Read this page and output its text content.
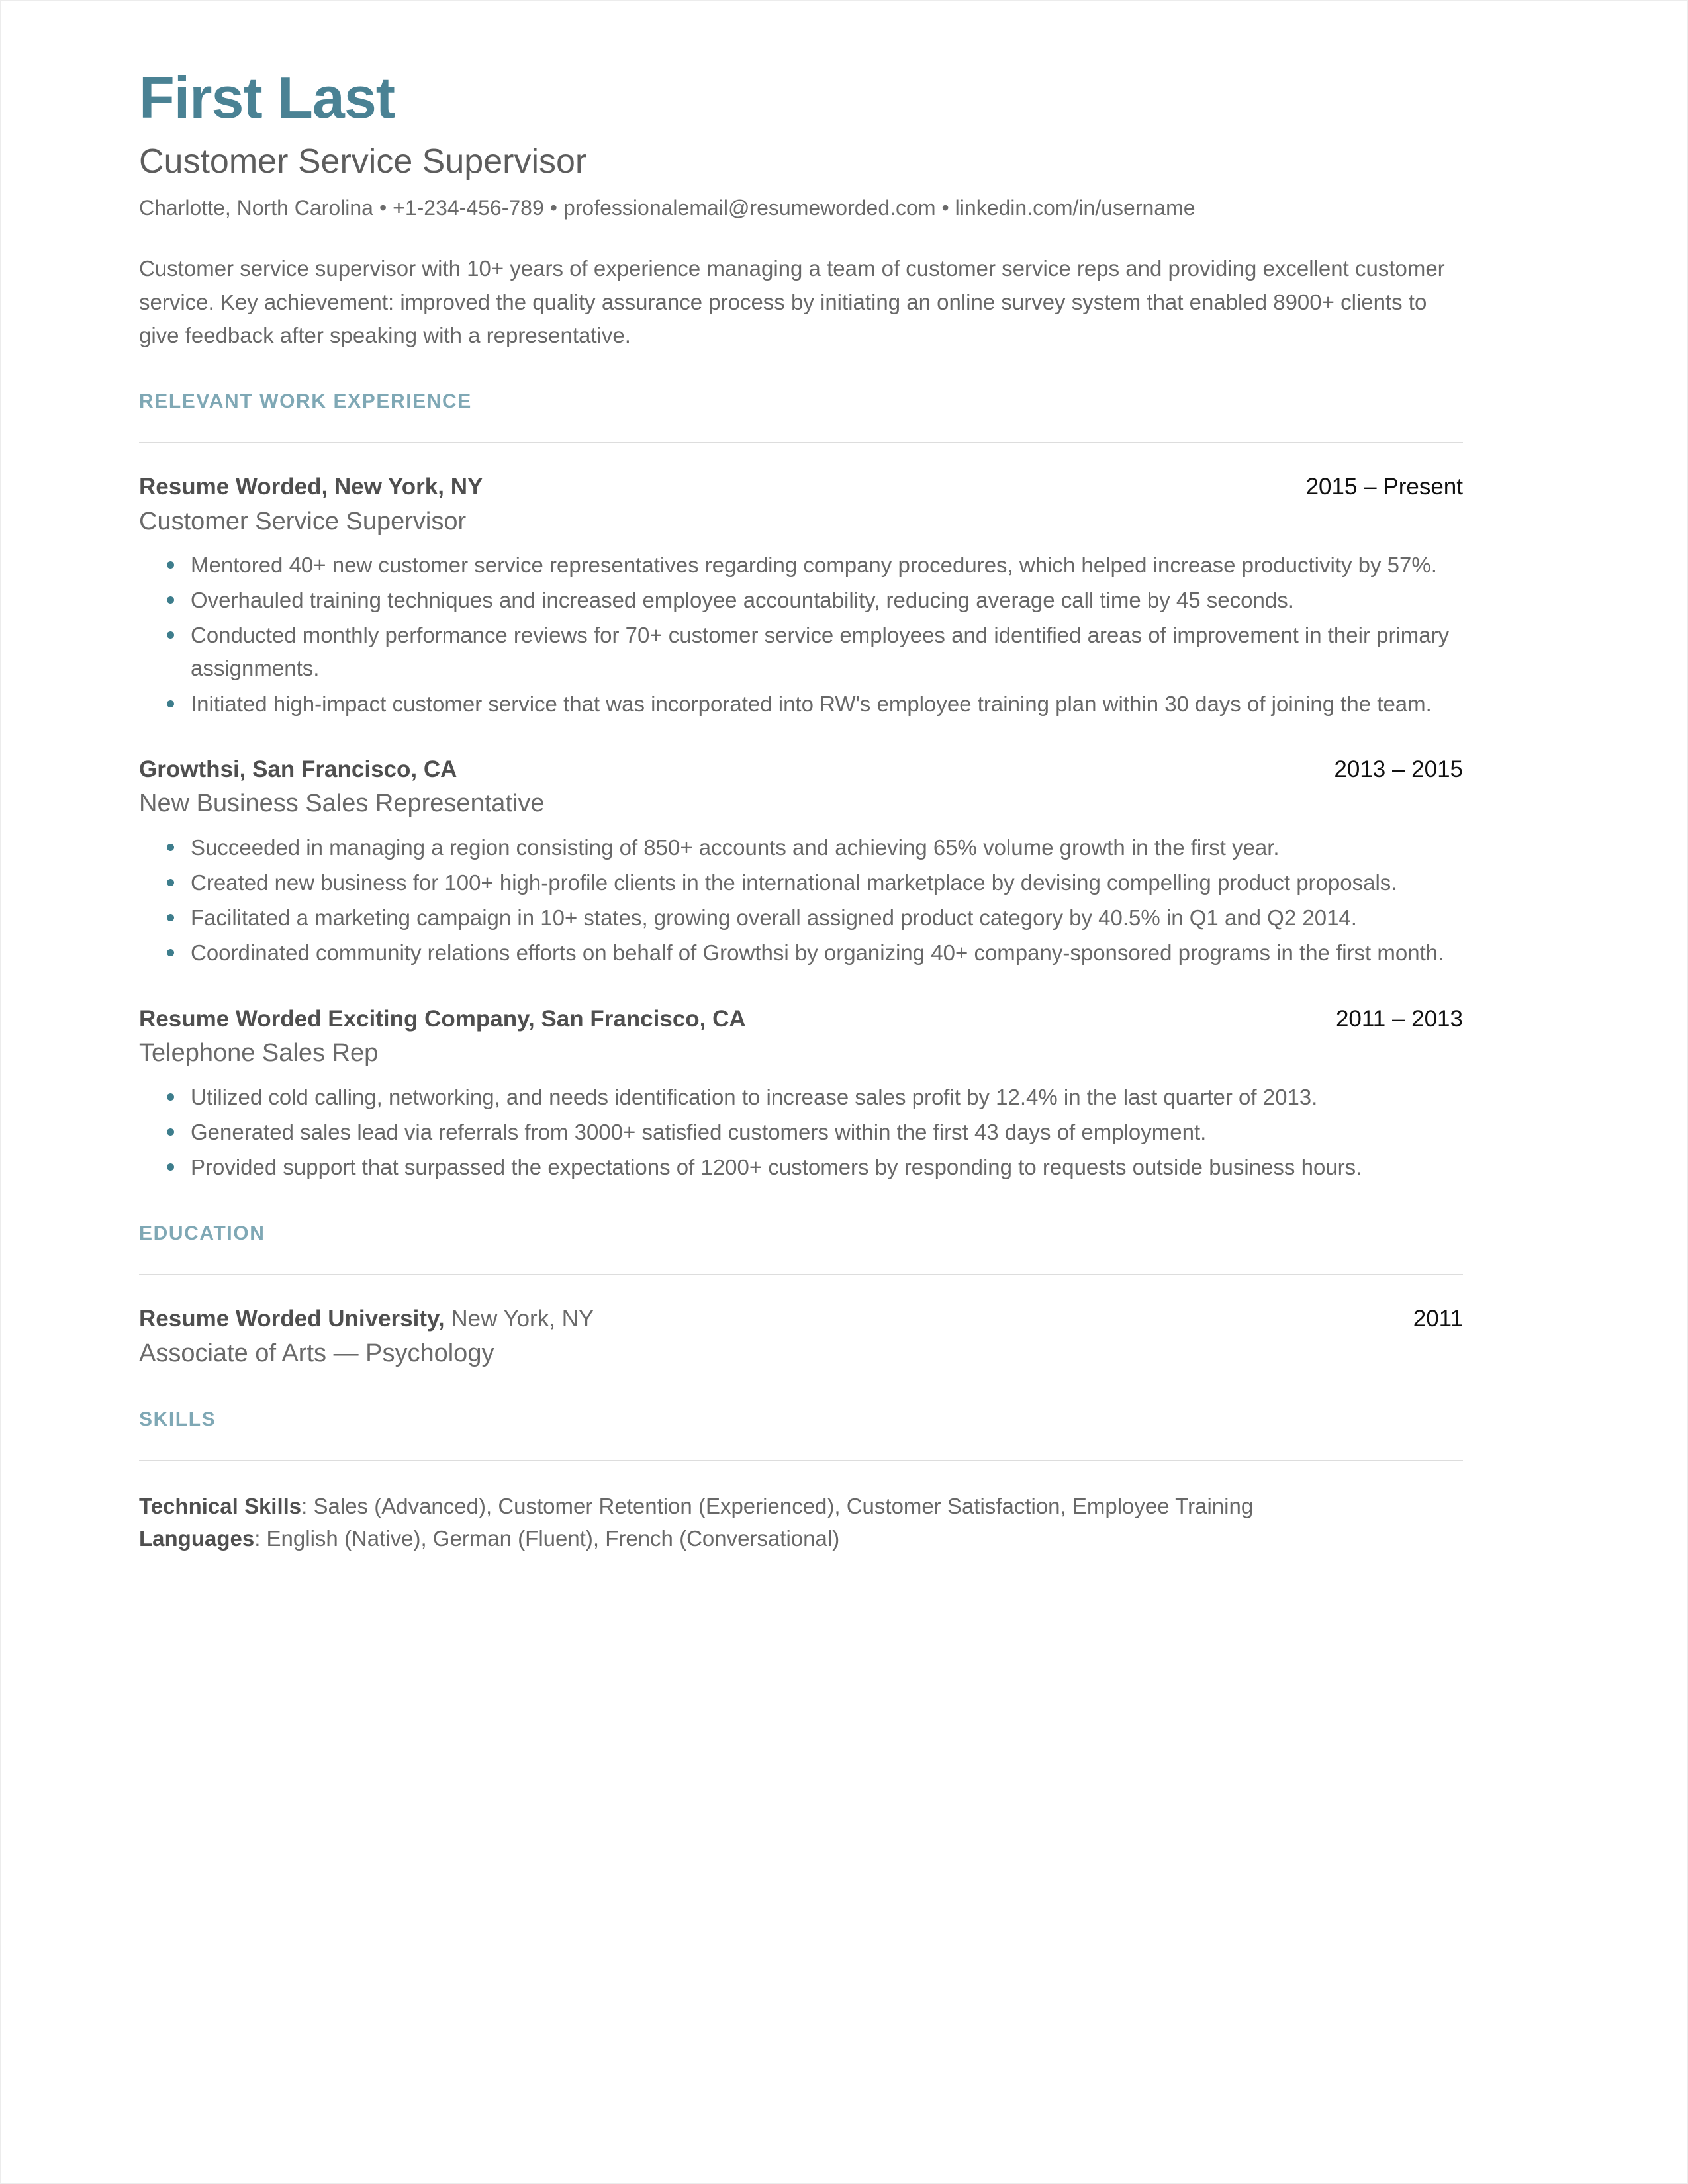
First Last
Customer Service Supervisor
Charlotte, North Carolina • +1-234-456-789 • professionalemail@resumeworded.com • linkedin.com/in/username
Customer service supervisor with 10+ years of experience managing a team of customer service reps and providing excellent customer service. Key achievement: improved the quality assurance process by initiating an online survey system that enabled 8900+ clients to give feedback after speaking with a representative.
RELEVANT WORK EXPERIENCE
Resume Worded, New York, NY	2015 – Present
Customer Service Supervisor
Mentored 40+ new customer service representatives regarding company procedures, which helped increase productivity by 57%.
Overhauled training techniques and increased employee accountability, reducing average call time by 45 seconds.
Conducted monthly performance reviews for 70+ customer service employees and identified areas of improvement in their primary assignments.
Initiated high-impact customer service that was incorporated into RW's employee training plan within 30 days of joining the team.
Growthsi, San Francisco, CA	2013 – 2015
New Business Sales Representative
Succeeded in managing a region consisting of 850+ accounts and achieving 65% volume growth in the first year.
Created new business for 100+ high-profile clients in the international marketplace by devising compelling product proposals.
Facilitated a marketing campaign in 10+ states, growing overall assigned product category by 40.5% in Q1 and Q2 2014.
Coordinated community relations efforts on behalf of Growthsi by organizing 40+ company-sponsored programs in the first month.
Resume Worded Exciting Company, San Francisco, CA	2011 – 2013
Telephone Sales Rep
Utilized cold calling, networking, and needs identification to increase sales profit by 12.4% in the last quarter of 2013.
Generated sales lead via referrals from 3000+ satisfied customers within the first 43 days of employment.
Provided support that surpassed the expectations of 1200+ customers by responding to requests outside business hours.
EDUCATION
Resume Worded University, New York, NY	2011
Associate of Arts — Psychology
SKILLS
Technical Skills: Sales (Advanced), Customer Retention (Experienced), Customer Satisfaction, Employee Training
Languages: English (Native), German (Fluent), French (Conversational)
